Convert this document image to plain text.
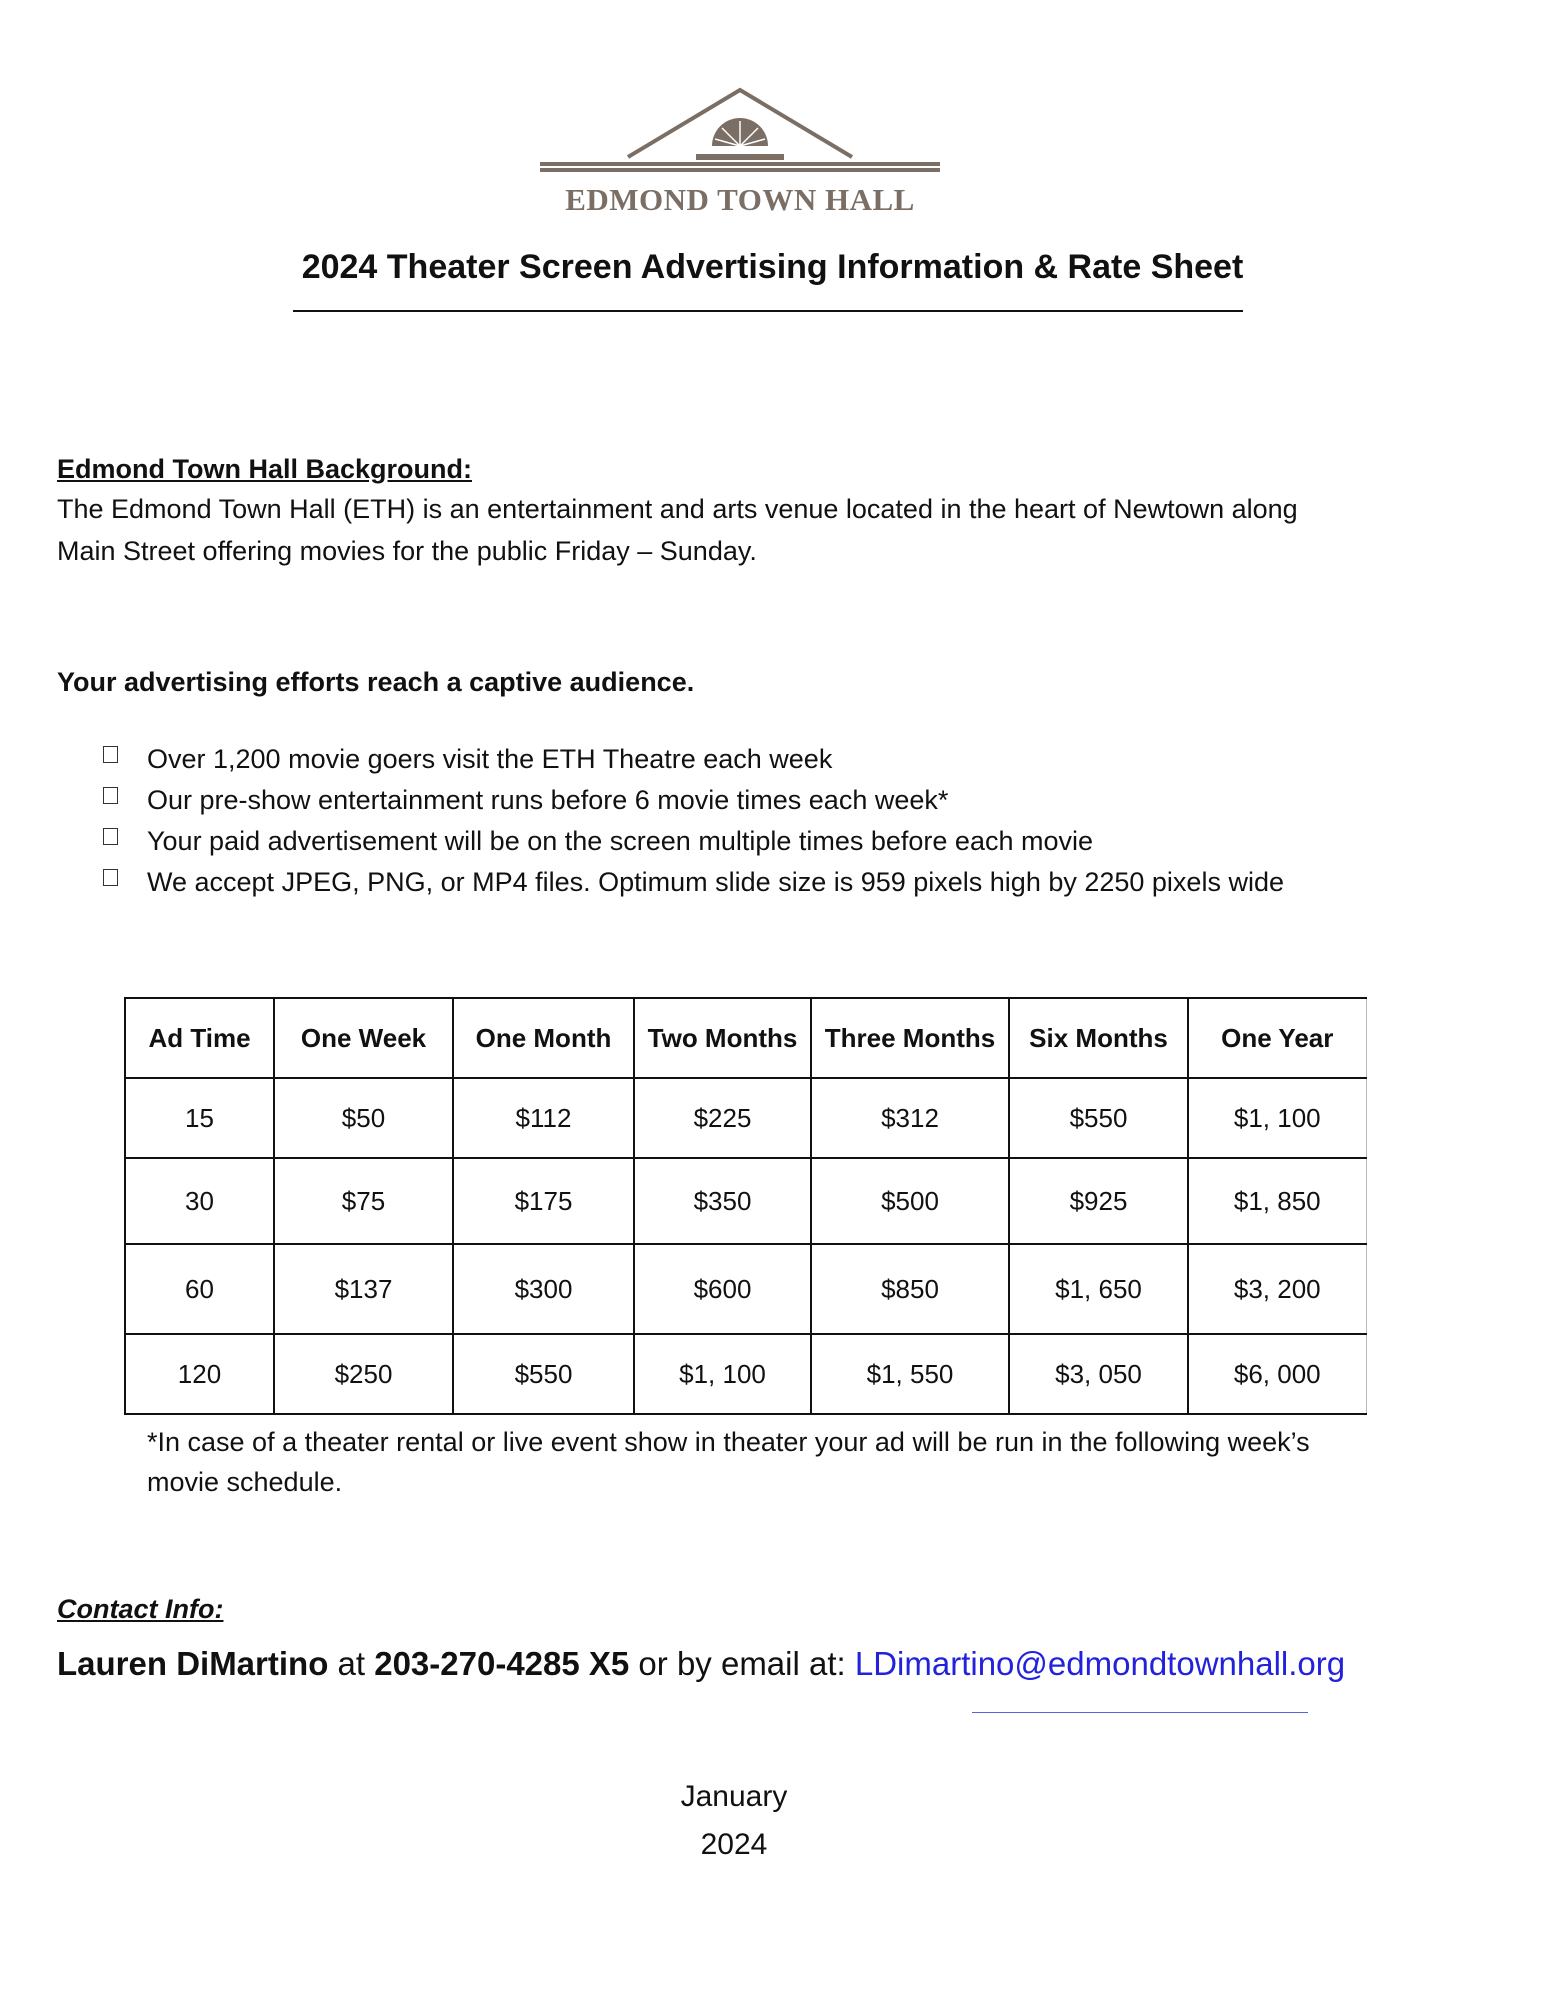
EDMOND TOWN HALL
2024 Theater Screen Advertising Information & Rate Sheet
Edmond Town Hall Background:
The Edmond Town Hall (ETH) is an entertainment and arts venue located in the heart of Newtown along
Main Street offering movies for the public Friday – Sunday.
Your advertising efforts reach a captive audience.
Over 1,200 movie goers visit the ETH Theatre each week
Our pre-show entertainment runs before 6 movie times each week*
Your paid advertisement will be on the screen multiple times before each movie
We accept JPEG, PNG, or MP4 files. Optimum slide size is 959 pixels high by 2250 pixels wide
Ad Time	One Week	One Month	Two Months	Three Months	Six Months	One Year
15	$50	$112	$225	$312	$550	$1, 100
30	$75	$175	$350	$500	$925	$1, 850
60	$137	$300	$600	$850	$1, 650	$3, 200
120	$250	$550	$1, 100	$1, 550	$3, 050	$6, 000
*In case of a theater rental or live event show in theater your ad will be run in the following week’s
movie schedule.
Contact Info:
Lauren DiMartino at 203-270-4285 X5 or by email at: LDimartino@edmondtownhall.org
January
2024
